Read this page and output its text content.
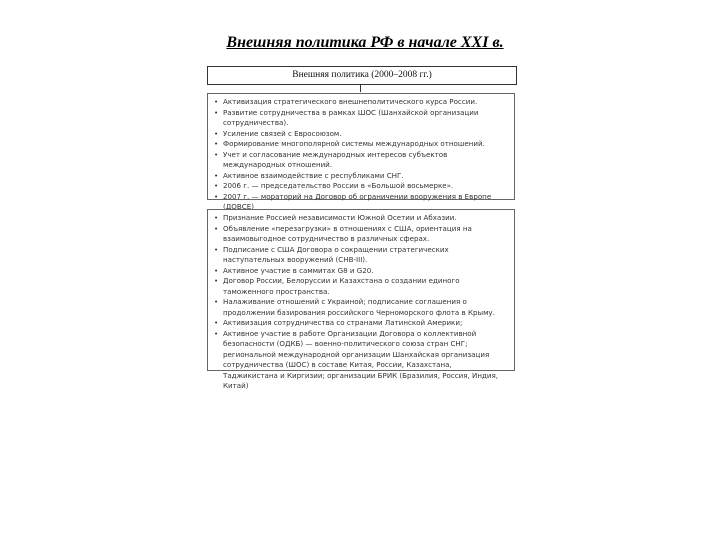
Внешняя политика РФ в начале XXI в.
Внешняя политика (2000–2008 гг.)
• Активизация стратегического внешнеполитического курса России.
• Развитие сотрудничества в рамках ШОС (Шанхайской организации сотрудничества).
• Усиление связей с Евросоюзом.
• Формирование многополярной системы международных отношений.
• Учет и согласование международных интересов субъектов международных отношений.
• Активное взаимодействие с республиками СНГ.
• 2006 г. — председательство России в «Большой восьмерке».
• 2007 г. — мораторий на Договор об ограничении вооружения в Европе (ДОВСЕ)
• Признание Россией независимости Южной Осетии и Абхазии.
• Объявление «перезагрузки» в отношениях с США, ориентация на взаимовыгодное сотрудничество в различных сферах.
• Подписание с США Договора о сокращении стратегических наступательных вооружений (СНВ-III).
• Активное участие в саммитах G8 и G20.
• Договор России, Белоруссии и Казахстана о создании единого таможенного пространства.
• Налаживание отношений с Украиной; подписание соглашения о продолжении базирования российского Черноморского флота в Крыму.
• Активизация сотрудничества со странами Латинской Америки;
• Активное участие в работе Организации Договора о коллективной безопасности (ОДКБ) — военно-политического союза стран СНГ; региональной международной организации Шанхайская организация сотрудничества (ШОС) в составе Китая, России, Казахстана, Таджикистана и Киргизии; организации БРИК (Бразилия, Россия, Индия, Китай)
